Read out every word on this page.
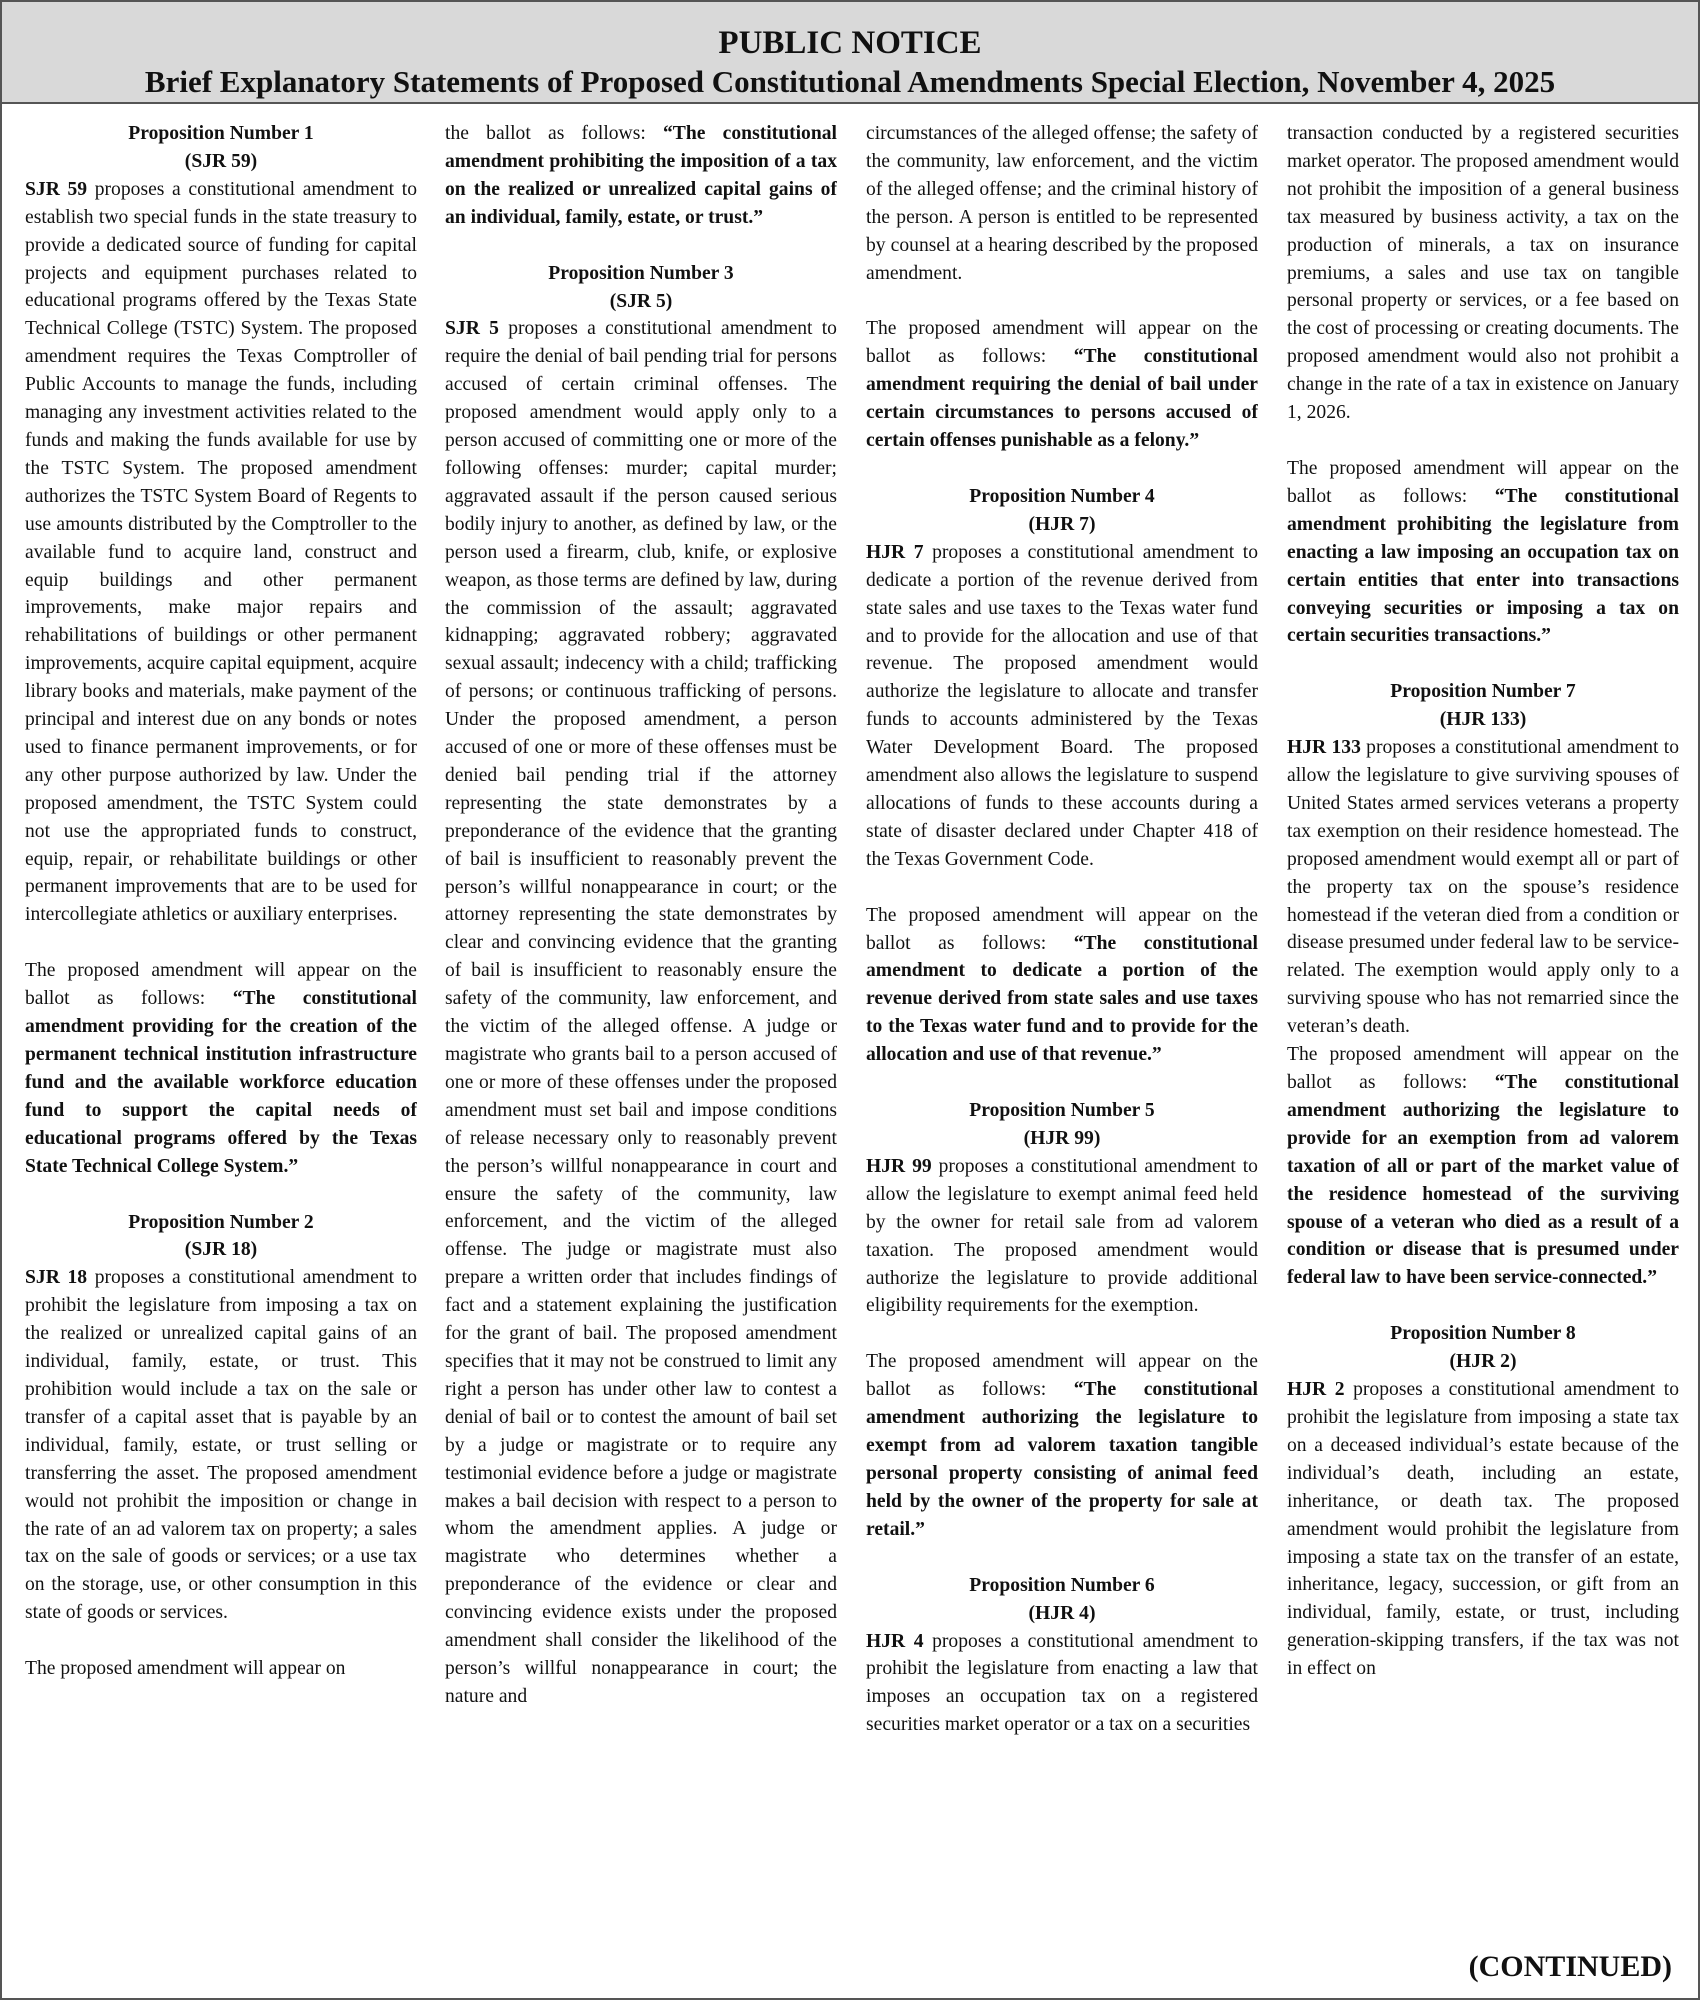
PUBLIC NOTICE
Brief Explanatory Statements of Proposed Constitutional Amendments Special Election, November 4, 2025

Proposition Number 1

(SJR 59)

SJR 59 proposes a constitutional amendment to establish two special funds in the state treasury to provide a dedicated source of funding for capital projects and equipment purchases related to educational programs offered by the Texas State Technical College (TSTC) System. The proposed amendment requires the Texas Comptroller of Public Accounts to manage the funds, including managing any investment activities related to the funds and making the funds available for use by the TSTC System. The proposed amendment authorizes the TSTC System Board of Regents to use amounts distributed by the Comptroller to the available fund to acquire land, construct and equip buildings and other permanent improvements, make major repairs and rehabilitations of buildings or other permanent improvements, acquire capital equipment, acquire library books and materials, make payment of the principal and interest due on any bonds or notes used to finance permanent improvements, or for any other purpose authorized by law. Under the proposed amendment, the TSTC System could not use the appropriated funds to construct, equip, repair, or rehabilitate buildings or other permanent improvements that are to be used for intercollegiate athletics or auxiliary enterprises.

The proposed amendment will appear on the ballot as follows: “The constitutional amendment providing for the creation of the permanent technical institution infrastructure fund and the available workforce education fund to support the capital needs of educational programs offered by the Texas State Technical College System.”

Proposition Number 2

(SJR 18)

SJR 18 proposes a constitutional amendment to prohibit the legislature from imposing a tax on the realized or unrealized capital gains of an individual, family, estate, or trust. This prohibition would include a tax on the sale or transfer of a capital asset that is payable by an individual, family, estate, or trust selling or transferring the asset. The proposed amendment would not prohibit the imposition or change in the rate of an ad valorem tax on property; a sales tax on the sale of goods or services; or a use tax on the storage, use, or other consumption in this state of goods or services.

The proposed amendment will appear on

the ballot as follows: “The constitutional amendment prohibiting the imposition of a tax on the realized or unrealized capital gains of an individual, family, estate, or trust.”

Proposition Number 3

(SJR 5)

SJR 5 proposes a constitutional amendment to require the denial of bail pending trial for persons accused of certain criminal offenses. The proposed amendment would apply only to a person accused of committing one or more of the following offenses: murder; capital murder; aggravated assault if the person caused serious bodily injury to another, as defined by law, or the person used a firearm, club, knife, or explosive weapon, as those terms are defined by law, during the commission of the assault; aggravated kidnapping; aggravated robbery; aggravated sexual assault; indecency with a child; trafficking of persons; or continuous trafficking of persons. Under the proposed amendment, a person accused of one or more of these offenses must be denied bail pending trial if the attorney representing the state demonstrates by a preponderance of the evidence that the granting of bail is insufficient to reasonably prevent the person’s willful nonappearance in court; or the attorney representing the state demonstrates by clear and convincing evidence that the granting of bail is insufficient to reasonably ensure the safety of the community, law enforcement, and the victim of the alleged offense. A judge or magistrate who grants bail to a person accused of one or more of these offenses under the proposed amendment must set bail and impose conditions of release necessary only to reasonably prevent the person’s willful nonappearance in court and ensure the safety of the community, law enforcement, and the victim of the alleged offense. The judge or magistrate must also prepare a written order that includes findings of fact and a statement explaining the justification for the grant of bail. The proposed amendment specifies that it may not be construed to limit any right a person has under other law to contest a denial of bail or to contest the amount of bail set by a judge or magistrate or to require any testimonial evidence before a judge or magistrate makes a bail decision with respect to a person to whom the amendment applies. A judge or magistrate who determines whether a preponderance of the evidence or clear and convincing evidence exists under the proposed amendment shall consider the likelihood of the person’s willful nonappearance in court; the nature and

circumstances of the alleged offense; the safety of the community, law enforcement, and the victim of the alleged offense; and the criminal history of the person. A person is entitled to be represented by counsel at a hearing described by the proposed amendment.

The proposed amendment will appear on the ballot as follows: “The constitutional amendment requiring the denial of bail under certain circumstances to persons accused of certain offenses punishable as a felony.”

Proposition Number 4

(HJR 7)

HJR 7 proposes a constitutional amendment to dedicate a portion of the revenue derived from state sales and use taxes to the Texas water fund and to provide for the allocation and use of that revenue. The proposed amendment would authorize the legislature to allocate and transfer funds to accounts administered by the Texas Water Development Board. The proposed amendment also allows the legislature to suspend allocations of funds to these accounts during a state of disaster declared under Chapter 418 of the Texas Government Code.

The proposed amendment will appear on the ballot as follows: “The constitutional amendment to dedicate a portion of the revenue derived from state sales and use taxes to the Texas water fund and to provide for the allocation and use of that revenue.”

Proposition Number 5

(HJR 99)

HJR 99 proposes a constitutional amendment to allow the legislature to exempt animal feed held by the owner for retail sale from ad valorem taxation. The proposed amendment would authorize the legislature to provide additional eligibility requirements for the exemption.

The proposed amendment will appear on the ballot as follows: “The constitutional amendment authorizing the legislature to exempt from ad valorem taxation tangible personal property consisting of animal feed held by the owner of the property for sale at retail.”

Proposition Number 6

(HJR 4)

HJR 4 proposes a constitutional amendment to prohibit the legislature from enacting a law that imposes an occupation tax on a registered securities market operator or a tax on a securities

transaction conducted by a registered securities market operator. The proposed amendment would not prohibit the imposition of a general business tax measured by business activity, a tax on the production of minerals, a tax on insurance premiums, a sales and use tax on tangible personal property or services, or a fee based on the cost of processing or creating documents. The proposed amendment would also not prohibit a change in the rate of a tax in existence on January 1, 2026.

The proposed amendment will appear on the ballot as follows: “The constitutional amendment prohibiting the legislature from enacting a law imposing an occupation tax on certain entities that enter into transactions conveying securities or imposing a tax on certain securities transactions.”

Proposition Number 7

(HJR 133)

HJR 133 proposes a constitutional amendment to allow the legislature to give surviving spouses of United States armed services veterans a property tax exemption on their residence homestead. The proposed amendment would exempt all or part of the property tax on the spouse’s residence homestead if the veteran died from a condition or disease presumed under federal law to be service-related. The exemption would apply only to a surviving spouse who has not remarried since the veteran’s death.

The proposed amendment will appear on the ballot as follows: “The constitutional amendment authorizing the legislature to provide for an exemption from ad valorem taxation of all or part of the market value of the residence homestead of the surviving spouse of a veteran who died as a result of a condition or disease that is presumed under federal law to have been service-connected.”

Proposition Number 8

(HJR 2)

HJR 2 proposes a constitutional amendment to prohibit the legislature from imposing a state tax on a deceased individual’s estate because of the individual’s death, including an estate, inheritance, or death tax. The proposed amendment would prohibit the legislature from imposing a state tax on the transfer of an estate, inheritance, legacy, succession, or gift from an individual, family, estate, or trust, including generation-skipping transfers, if the tax was not in effect on

(CONTINUED)
